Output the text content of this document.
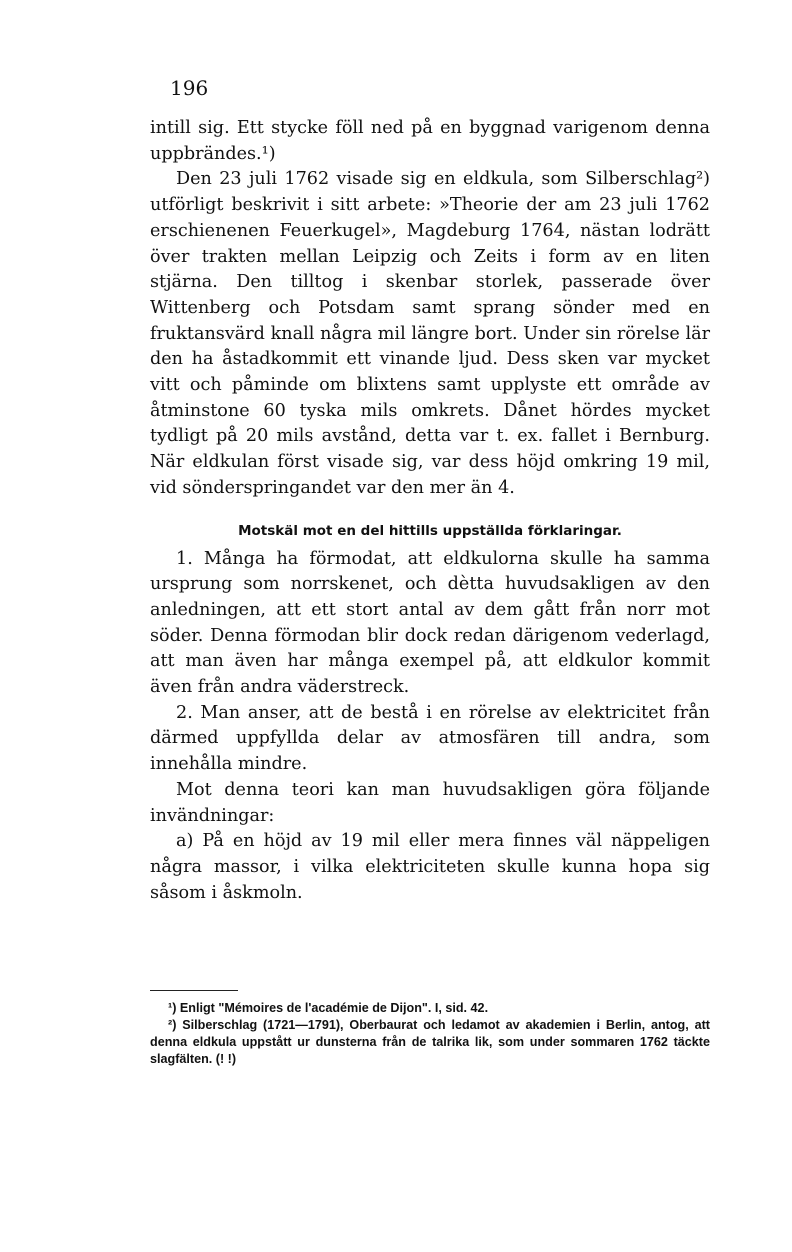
196

intill sig. Ett stycke föll ned på en byggnad varigenom denna uppbrändes.¹)

Den 23 juli 1762 visade sig en eldkula, som Silberschlag²) utförligt beskrivit i sitt arbete: »Theorie der am 23 juli 1762 erschienenen Feuerkugel», Magdeburg 1764, nästan lodrätt över trakten mellan Leipzig och Zeits i form av en liten stjärna. Den tilltog i skenbar storlek, passerade över Wittenberg och Potsdam samt sprang sönder med en fruktansvärd knall några mil längre bort. Under sin rörelse lär den ha åstadkommit ett vinande ljud. Dess sken var mycket vitt och påminde om blixtens samt upplyste ett område av åtminstone 60 tyska mils omkrets. Dånet hördes mycket tydligt på 20 mils avstånd, detta var t. ex. fallet i Bernburg. När eldkulan först visade sig, var dess höjd omkring 19 mil, vid sönderspringandet var den mer än 4.

Motskäl mot en del hittills uppställda förklaringar.

1. Många ha förmodat, att eldkulorna skulle ha samma ursprung som norrskenet, och dètta huvudsakligen av den anledningen, att ett stort antal av dem gått från norr mot söder. Denna förmodan blir dock redan därigenom vederlagd, att man även har många exempel på, att eldkulor kommit även från andra väderstreck.

2. Man anser, att de bestå i en rörelse av elektricitet från därmed uppfyllda delar av atmosfären till andra, som innehålla mindre.

Mot denna teori kan man huvudsakligen göra följande invändningar:

a) På en höjd av 19 mil eller mera finnes väl näppeligen några massor, i vilka elektriciteten skulle kunna hopa sig såsom i åskmoln.

¹) Enligt "Mémoires de l'académie de Dijon". I, sid. 42.

²) Silberschlag (1721—1791), Oberbaurat och ledamot av akademien i Berlin, antog, att denna eldkula uppstått ur dunsterna från de talrika lik, som under sommaren 1762 täckte slagfälten. (! !)
